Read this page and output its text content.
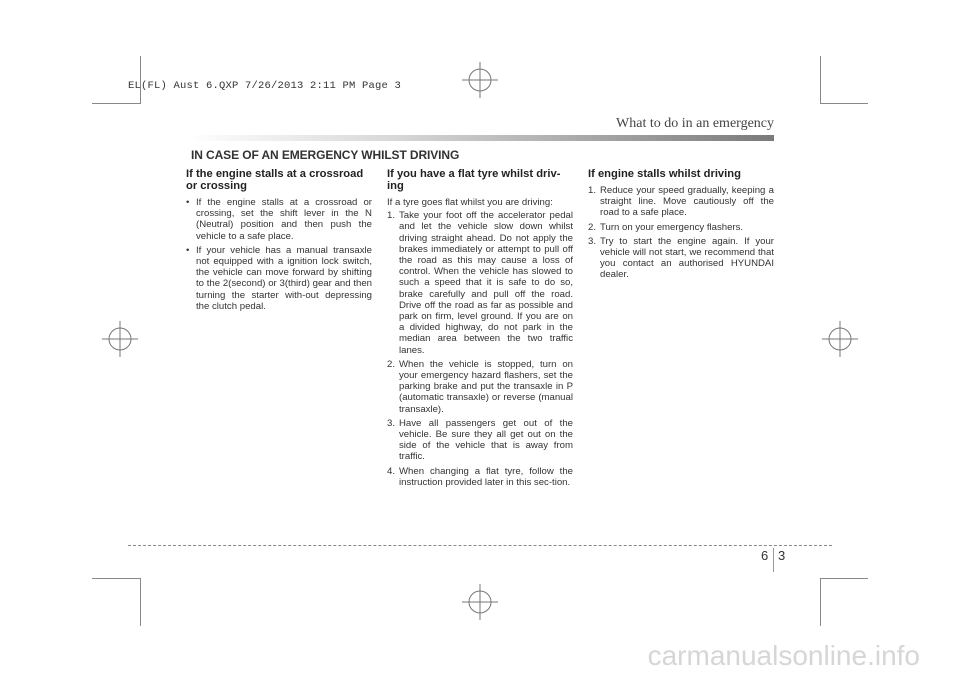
EL(FL) Aust 6.QXP 7/26/2013 2:11 PM Page 3
What to do in an emergency
IN CASE OF AN EMERGENCY WHILST DRIVING
If the engine stalls at a crossroad or crossing
• If the engine stalls at a crossroad or crossing, set the shift lever in the N (Neutral) position and then push the vehicle to a safe place.
• If your vehicle has a manual transaxle not equipped with a ignition lock switch, the vehicle can move forward by shifting to the 2(second) or 3(third) gear and then turning the starter with-out depressing the clutch pedal.
If you have a flat tyre whilst driv-ing

If a tyre goes flat whilst you are driving:

1. Take your foot off the accelerator pedal and let the vehicle slow down whilst driving straight ahead. Do not apply the brakes immediately or attempt to pull off the road as this may cause a loss of control. When the vehicle has slowed to such a speed that it is safe to do so, brake carefully and pull off the road. Drive off the road as far as possible and park on firm, level ground. If you are on a divided highway, do not park in the median area between the two traffic lanes.
2. When the vehicle is stopped, turn on your emergency hazard flashers, set the parking brake and put the transaxle in P (automatic transaxle) or reverse (manual transaxle).
3. Have all passengers get out of the vehicle. Be sure they all get out on the side of the vehicle that is away from traffic.
4. When changing a flat tyre, follow the instruction provided later in this sec-tion.
If engine stalls whilst driving
1. Reduce your speed gradually, keeping a straight line. Move cautiously off the road to a safe place.
2. Turn on your emergency flashers.
3. Try to start the engine again. If your vehicle will not start, we recommend that you contact an authorised HYUNDAI dealer.
6 3
carmanualsonline.info
